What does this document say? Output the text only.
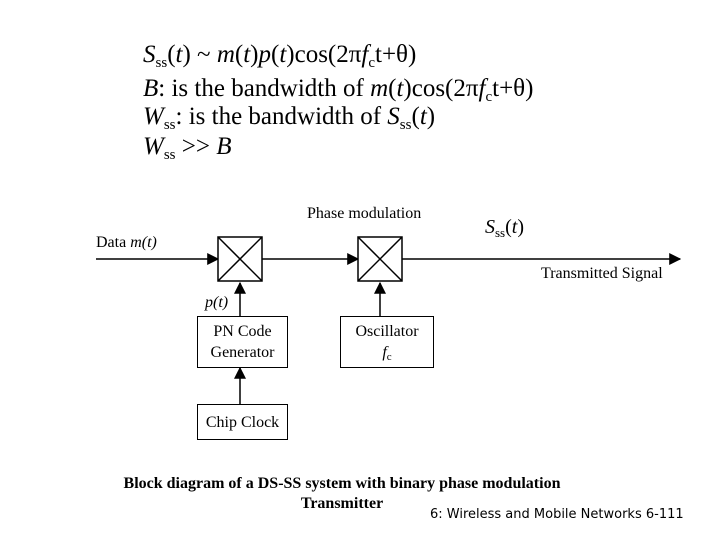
$S_{ss}(t)$ ~ $m(t)p(t)\cos(2\pi f_ct+\theta)$
B: is the bandwidth of $m(t)\cos(2\pi f_ct+\theta)$
$W_{ss}$: is the bandwidth of $S_{ss}(t)$
$W_{ss} >> B$
Phase modulation
$S_{ss}(t)$
Data m(t)
Transmitted Signal
p(t)
PN Code
Generator
Oscillator
$f_c$
Chip Clock
Block diagram of a DS-SS system with binary phase modulation
Transmitter
6: Wireless and Mobile Networks 6-111
